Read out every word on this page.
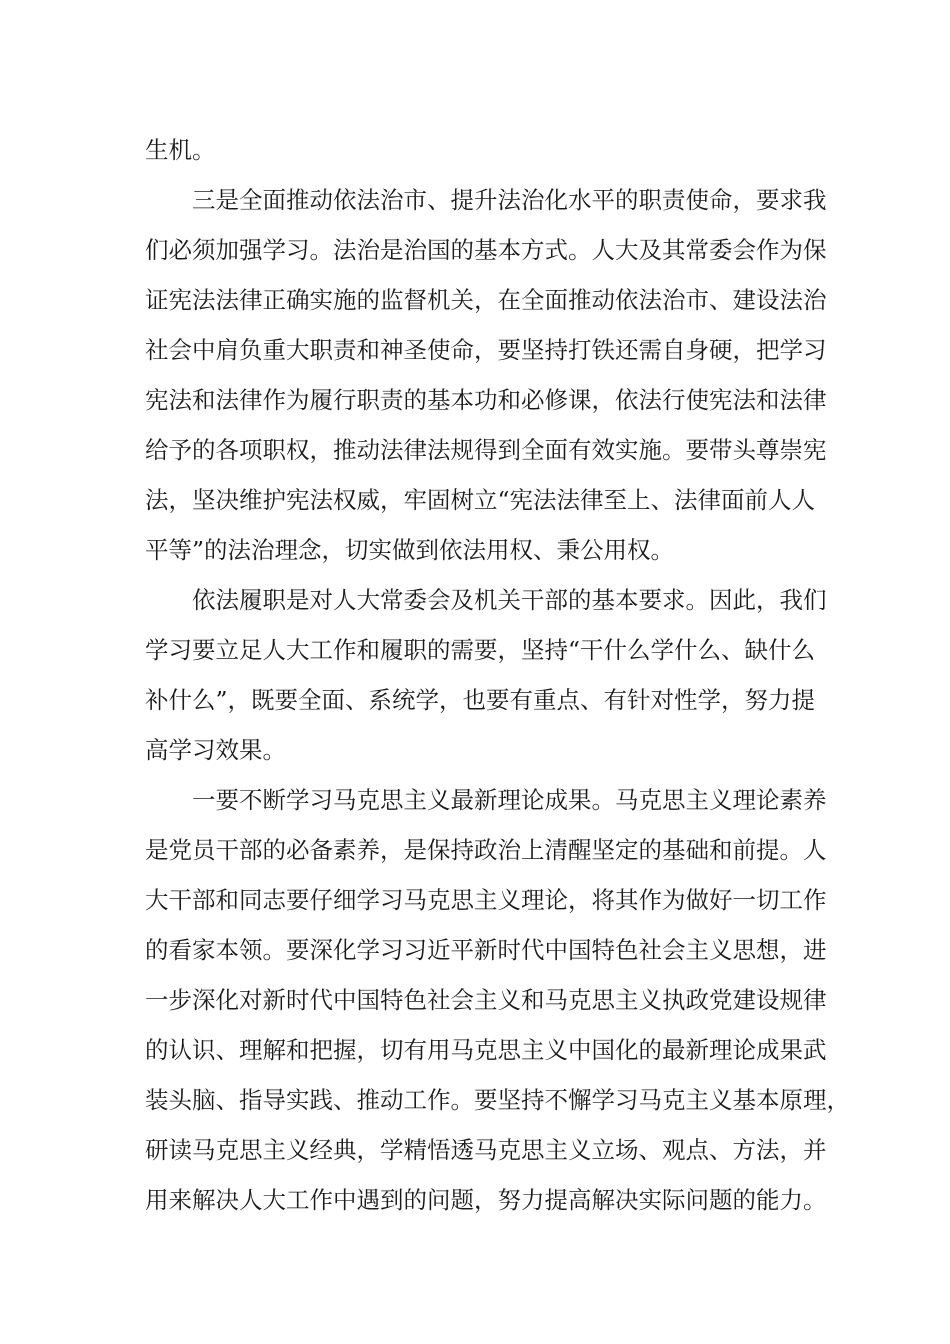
生机。
三是全面推动依法治市、提升法治化水平的职责使命，要求我
们必须加强学习。法治是治国的基本方式。人大及其常委会作为保
证宪法法律正确实施的监督机关，在全面推动依法治市、建设法治
社会中肩负重大职责和神圣使命，要坚持打铁还需自身硬，把学习
宪法和法律作为履行职责的基本功和必修课，依法行使宪法和法律
给予的各项职权，推动法律法规得到全面有效实施。要带头尊崇宪
法，坚决维护宪法权威，牢固树立“宪法法律至上、法律面前人人
平等”的法治理念，切实做到依法用权、秉公用权。
依法履职是对人大常委会及机关干部的基本要求。因此，我们
学习要立足人大工作和履职的需要，坚持“干什么学什么、缺什么
补什么”，既要全面、系统学，也要有重点、有针对性学，努力提
高学习效果。
一要不断学习马克思主义最新理论成果。马克思主义理论素养
是党员干部的必备素养，是保持政治上清醒坚定的基础和前提。人
大干部和同志要仔细学习马克思主义理论，将其作为做好一切工作
的看家本领。要深化学习习近平新时代中国特色社会主义思想，进
一步深化对新时代中国特色社会主义和马克思主义执政党建设规律
的认识、理解和把握，切有用马克思主义中国化的最新理论成果武
装头脑、指导实践、推动工作。要坚持不懈学习马克主义基本原理，
研读马克思主义经典，学精悟透马克思主义立场、观点、方法，并
用来解决人大工作中遇到的问题，努力提高解决实际问题的能力。
